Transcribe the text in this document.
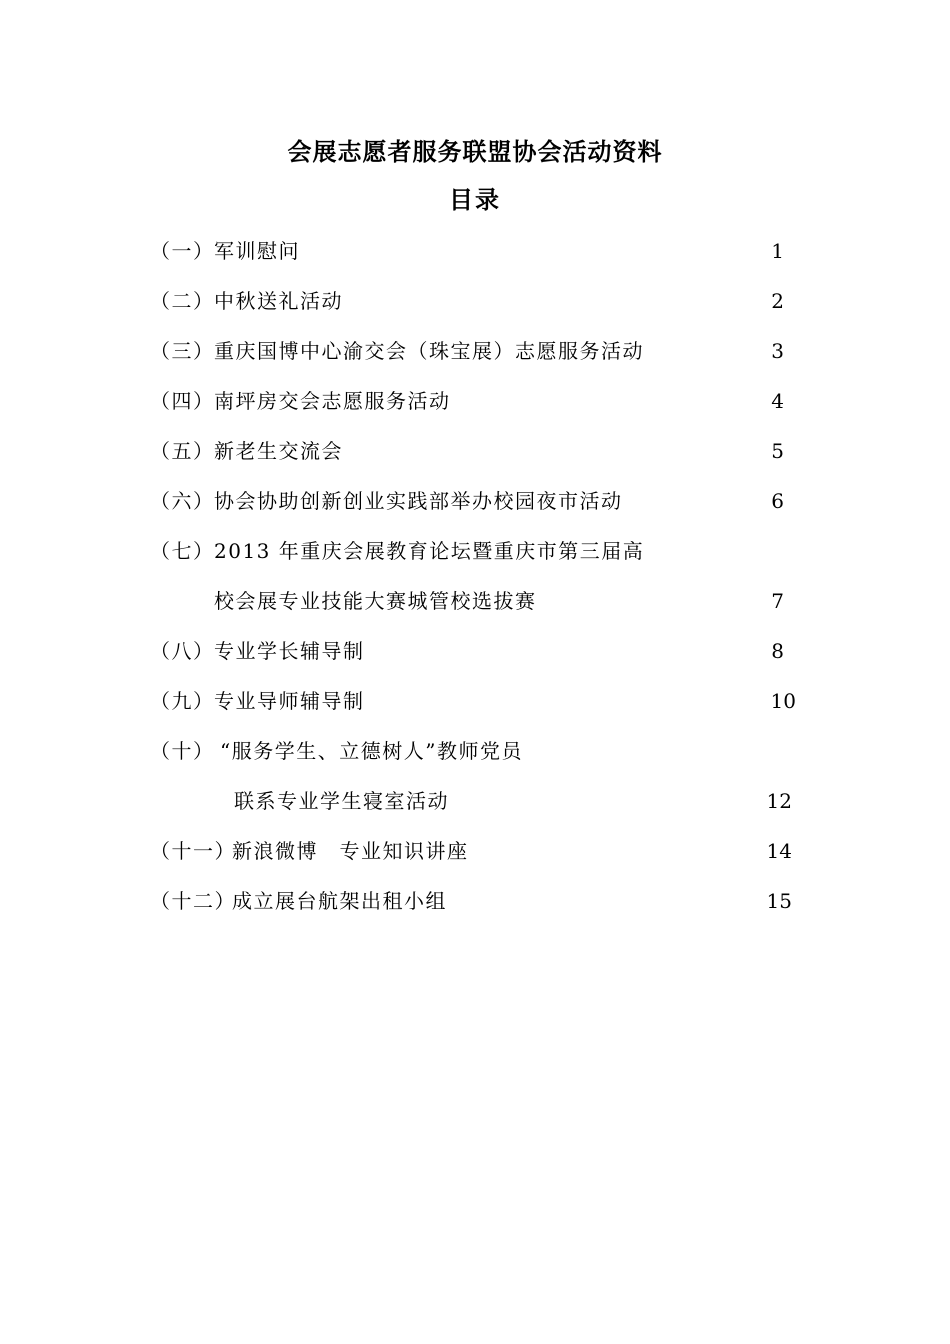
会展志愿者服务联盟协会活动资料
目录
（一）军训慰问	1
（二）中秋送礼活动	2
（三）重庆国博中心渝交会（珠宝展）志愿服务活动	3
（四）南坪房交会志愿服务活动	4
（五）新老生交流会	5
（六）协会协助创新创业实践部举办校园夜市活动	6
（七）2013 年重庆会展教育论坛暨重庆市第三届高
校会展专业技能大赛城管校选拔赛	7
（八）专业学长辅导制	8
（九）专业导师辅导制	10
（十） “服务学生、立德树人”教师党员
联系专业学生寝室活动	12
（十一）新浪微博　专业知识讲座	14
（十二）成立展台航架出租小组	15
